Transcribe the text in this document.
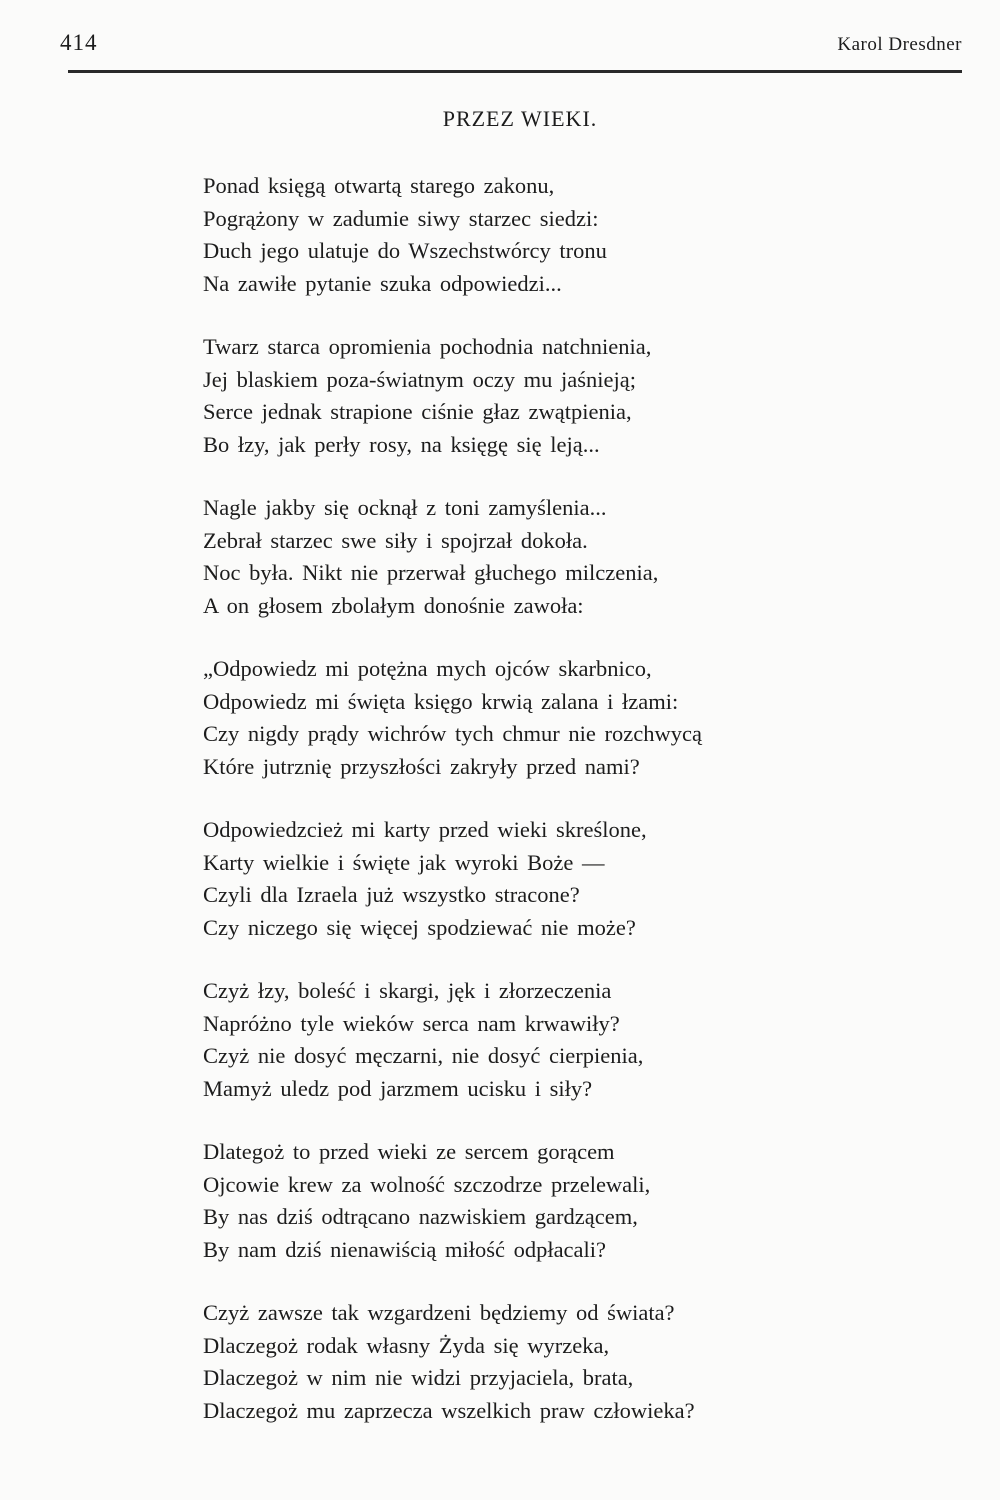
414	Karol Dresdner
PRZEZ WIEKI.
Ponad księgą otwartą starego zakonu,
Pogrążony w zadumie siwy starzec siedzi:
Duch jego ulatuje do Wszechstwórcy tronu
Na zawiłe pytanie szuka odpowiedzi...
Twarz starca opromienia pochodnia natchnienia,
Jej blaskiem poza-światnym oczy mu jaśnieją;
Serce jednak strapione ciśnie głaz zwątpienia,
Bo łzy, jak perły rosy, na księgę się leją...
Nagle jakby się ocknął z toni zamyślenia...
Zebrał starzec swe siły i spojrzał dokoła.
Noc była. Nikt nie przerwał głuchego milczenia,
A on głosem zbolałym donośnie zawoła:
„Odpowiedz mi potężna mych ojców skarbnico,
Odpowiedz mi święta księgo krwią zalana i łzami:
Czy nigdy prądy wichrów tych chmur nie rozchwycą
Które jutrznię przyszłości zakryły przed nami?
Odpowiedzcież mi karty przed wieki skreślone,
Karty wielkie i święte jak wyroki Boże —
Czyli dla Izraela już wszystko stracone?
Czy niczego się więcej spodziewać nie może?
Czyż łzy, boleść i skargi, jęk i złorzeczenia
Napróżno tyle wieków serca nam krwawiły?
Czyż nie dosyć męczarni, nie dosyć cierpienia,
Mamyż uledz pod jarzmem ucisku i siły?
Dlategoż to przed wieki ze sercem gorącem
Ojcowie krew za wolność szczodrze przelewali,
By nas dziś odtrącano nazwiskiem gardzącem,
By nam dziś nienawiścią miłość odpłacali?
Czyż zawsze tak wzgardzeni będziemy od świata?
Dlaczegoż rodak własny Żyda się wyrzeka,
Dlaczegoż w nim nie widzi przyjaciela, brata,
Dlaczegoż mu zaprzecza wszelkich praw człowieka?
